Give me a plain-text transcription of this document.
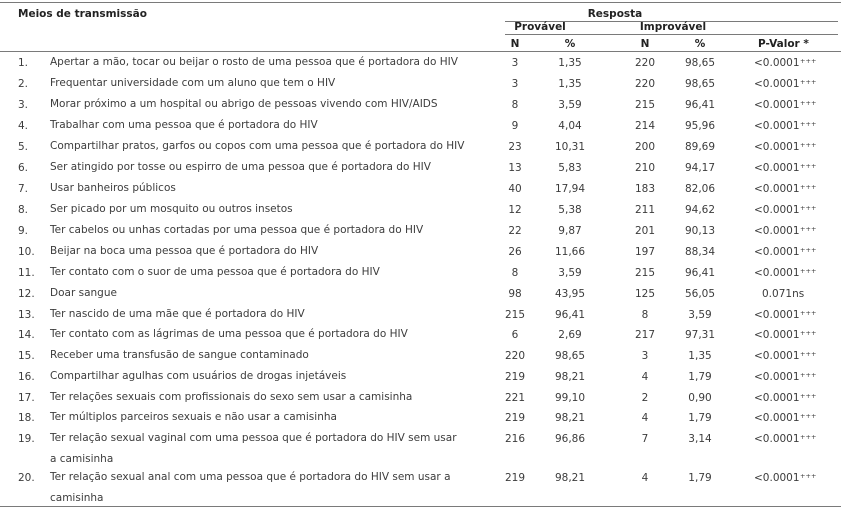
Meios de transmissão	Resposta
Provável	Improvável
N	%	N	%	P-Valor *
1. Apertar a mão, tocar ou beijar o rosto de uma pessoa que é portadora do HIV	3	1,35	220	98,65	<0.0001+++
2. Frequentar universidade com um aluno que tem o HIV	3	1,35	220	98,65	<0.0001+++
3. Morar próximo a um hospital ou abrigo de pessoas vivendo com HIV/AIDS	8	3,59	215	96,41	<0.0001+++
4. Trabalhar com uma pessoa que é portadora do HIV	9	4,04	214	95,96	<0.0001+++
5. Compartilhar pratos, garfos ou copos com uma pessoa que é portadora do HIV	23	10,31	200	89,69	<0.0001+++
6. Ser atingido por tosse ou espirro de uma pessoa que é portadora do HIV	13	5,83	210	94,17	<0.0001+++
7. Usar banheiros públicos	40	17,94	183	82,06	<0.0001+++
8. Ser picado por um mosquito ou outros insetos	12	5,38	211	94,62	<0.0001+++
9. Ter cabelos ou unhas cortadas por uma pessoa que é portadora do HIV	22	9,87	201	90,13	<0.0001+++
10. Beijar na boca uma pessoa que é portadora do HIV	26	11,66	197	88,34	<0.0001+++
11. Ter contato com o suor de uma pessoa que é portadora do HIV	8	3,59	215	96,41	<0.0001+++
12. Doar sangue	98	43,95	125	56,05	0.071ns
13. Ter nascido de uma mãe que é portadora do HIV	215	96,41	8	3,59	<0.0001+++
14. Ter contato com as lágrimas de uma pessoa que é portadora do HIV	6	2,69	217	97,31	<0.0001+++
15. Receber uma transfusão de sangue contaminado	220	98,65	3	1,35	<0.0001+++
16. Compartilhar agulhas com usuários de drogas injetáveis	219	98,21	4	1,79	<0.0001+++
17. Ter relações sexuais com profissionais do sexo sem usar a camisinha	221	99,10	2	0,90	<0.0001+++
18. Ter múltiplos parceiros sexuais e não usar a camisinha	219	98,21	4	1,79	<0.0001+++
19. Ter relação sexual vaginal com uma pessoa que é portadora do HIV sem usar a camisinha
216	96,86	7	3,14	<0.0001+++
20. Ter relação sexual anal com uma pessoa que é portadora do HIV sem usar a camisinha
219	98,21	4	1,79	<0.0001+++
